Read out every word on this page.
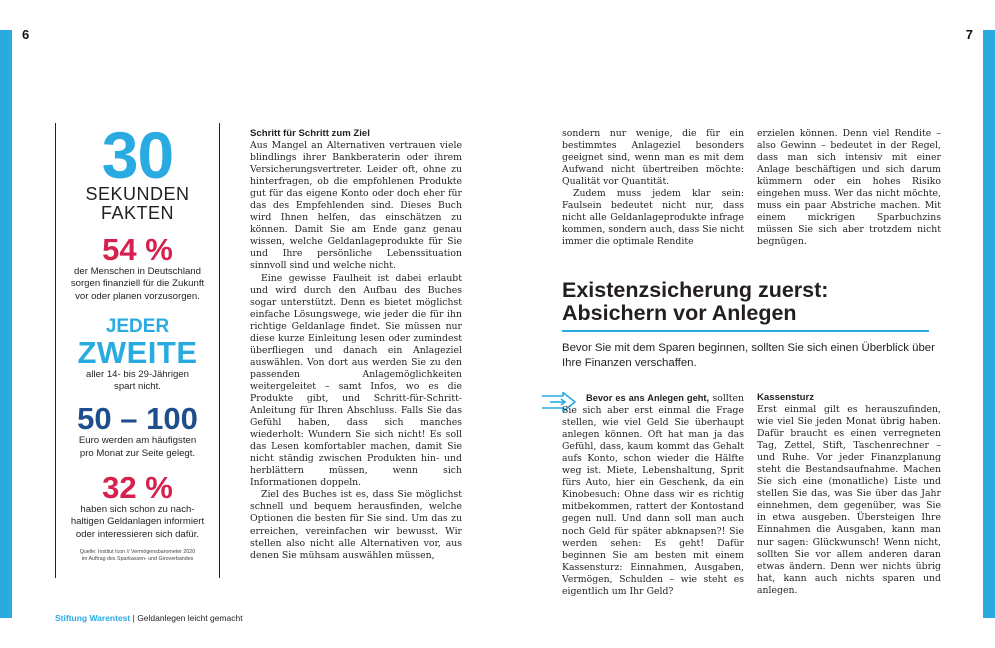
6	7
30
SEKUNDEN
FAKTEN
54 %
der Menschen in Deutschland
sorgen finanziell für die Zukunft
vor oder planen vorzusorgen.
JEDER
ZWEITE
aller 14- bis 29-Jährigen
spart nicht.
50 – 100
Euro werden am häufigsten
pro Monat zur Seite gelegt.
32 %
haben sich schon zu nach-
haltigen Geldanlagen informiert
oder interessieren sich dafür.
Quelle: Institut Icon // Vermögensbarometer 2020
im Auftrag des Sparkassen- und Giroverbandes
Schritt für Schritt zum Ziel

Aus Mangel an Alternativen vertrauen viele blindlings ihrer Bankberaterin oder ihrem Versicherungsvertreter. Leider oft, ohne zu hinterfragen, ob die empfohlenen Produkte gut für das eigene Konto oder doch eher für das des Empfehlenden sind. Dieses Buch wird Ihnen helfen, das einschätzen zu können. Damit Sie am Ende ganz genau wissen, welche Geldanlageprodukte für Sie und Ihre persönliche Lebenssituation sinnvoll sind und welche nicht.

Eine gewisse Faulheit ist dabei erlaubt und wird durch den Aufbau des Buches sogar unterstützt. Denn es bietet möglichst einfache Lösungswege, wie jeder die für ihn richtige Geldanlage findet. Sie müssen nur diese kurze Einleitung lesen oder zumindest überfliegen und danach ein Anlageziel auswählen. Von dort aus werden Sie zu den passenden Anlagemöglichkeiten weitergeleitet – samt Infos, wo es die Produkte gibt, und Schritt-für-Schritt-Anleitung für Ihren Abschluss. Falls Sie das Gefühl haben, dass sich manches wiederholt: Wundern Sie sich nicht! Es soll das Lesen komfortabler machen, damit Sie nicht ständig zwischen Produkten hin- und herblättern müssen, wenn sich Informationen doppeln.

Ziel des Buches ist es, dass Sie möglichst schnell und bequem herausfinden, welche Optionen die besten für Sie sind. Um das zu erreichen, vereinfachen wir bewusst. Wir stellen also nicht alle Alternativen vor, aus denen Sie mühsam auswählen müssen,

sondern nur wenige, die für ein bestimmtes Anlageziel besonders geeignet sind, wenn man es mit dem Aufwand nicht übertreiben möchte: Qualität vor Quantität.

Zudem muss jedem klar sein: Faulsein bedeutet nicht nur, dass nicht alle Geldanlageprodukte infrage kommen, sondern auch, dass Sie nicht immer die optimale Rendite

erzielen können. Denn viel Rendite – also Gewinn – bedeutet in der Regel, dass man sich intensiv mit einer Anlage beschäftigen und sich darum kümmern oder ein hohes Risiko eingehen muss. Wer das nicht möchte, muss ein paar Abstriche machen. Mit einem mickrigen Sparbuchzins müssen Sie sich aber trotzdem nicht begnügen.

Existenzsicherung zuerst:
Absichern vor Anlegen
Bevor Sie mit dem Sparen beginnen, sollten Sie sich einen Überblick über Ihre Finanzen verschaffen.

Bevor es ans Anlegen geht, sollten Sie sich aber erst einmal die Frage stellen, wie viel Geld Sie überhaupt anlegen können. Oft hat man ja das Gefühl, dass, kaum kommt das Gehalt aufs Konto, schon wieder die Hälfte weg ist. Miete, Lebenshaltung, Sprit fürs Auto, hier ein Geschenk, da ein Kinobesuch: Ohne dass wir es richtig mitbekommen, rattert der Kontostand gegen null. Und dann soll man auch noch Geld für später abknapsen?! Sie werden sehen: Es geht! Dafür beginnen Sie am besten mit einem Kassensturz: Einnahmen, Ausgaben, Vermögen, Schulden – wie steht es eigentlich um Ihr Geld?

Kassensturz

Erst einmal gilt es herauszufinden, wie viel Sie jeden Monat übrig haben. Dafür braucht es einen verregneten Tag, Zettel, Stift, Taschenrechner – und Ruhe. Vor jeder Finanzplanung steht die Bestandsaufnahme. Machen Sie sich eine (monatliche) Liste und stellen Sie das, was Sie über das Jahr einnehmen, dem gegenüber, was Sie in etwa ausgeben. Übersteigen Ihre Einnahmen die Ausgaben, kann man nur sagen: Glückwunsch! Wenn nicht, sollten Sie vor allem anderen daran etwas ändern. Denn wer nichts übrig hat, kann auch nichts sparen und anlegen.

Stiftung Warentest | Geldanlegen leicht gemacht
